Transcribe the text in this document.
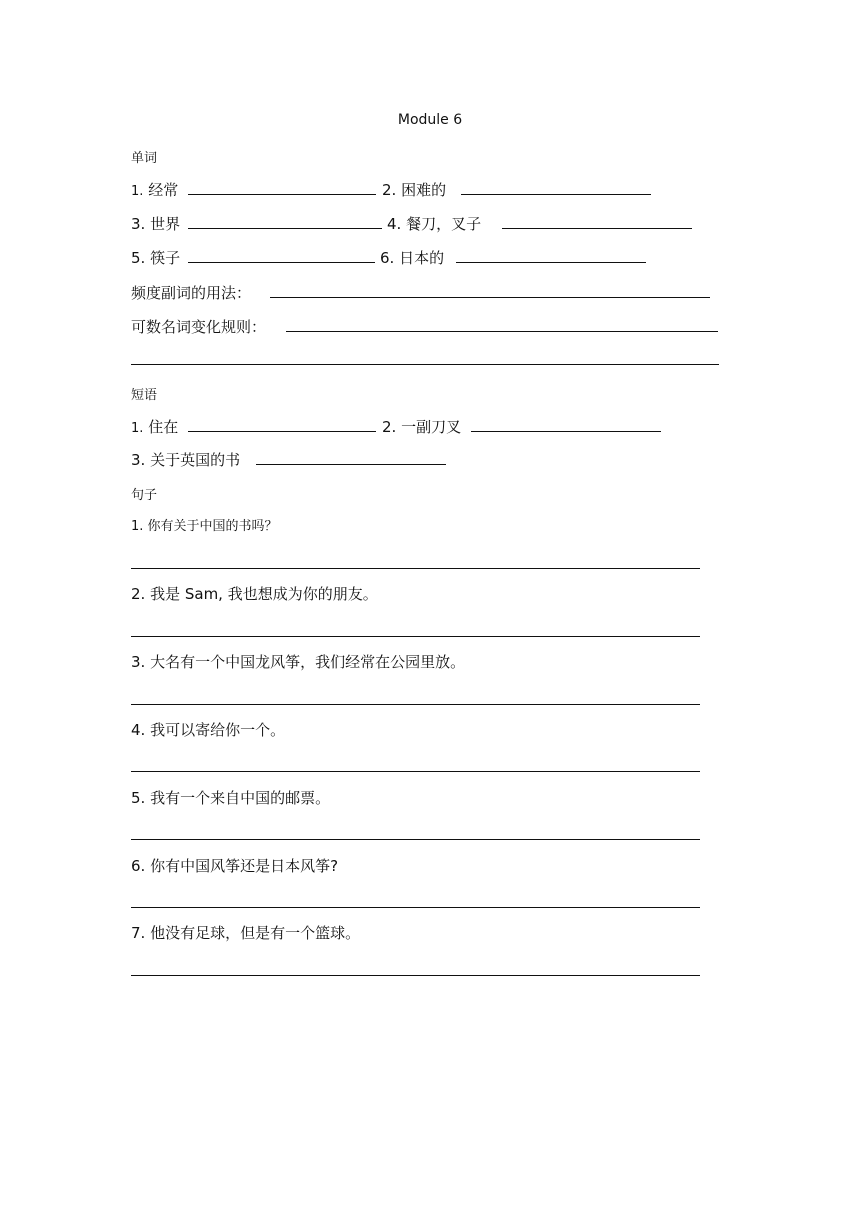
Module 6
单词
1. 经常	2. 困难的
3. 世界	4. 餐刀，叉子
5. 筷子	6. 日本的
频度副词的用法：
可数名词变化规则：
短语
1. 住在	2. 一副刀叉
3. 关于英国的书
句子
1. 你有关于中国的书吗？
2. 我是 Sam, 我也想成为你的朋友。
3. 大名有一个中国龙风筝，我们经常在公园里放。
4. 我可以寄给你一个。
5. 我有一个来自中国的邮票。
6. 你有中国风筝还是日本风筝?
7. 他没有足球，但是有一个篮球。
